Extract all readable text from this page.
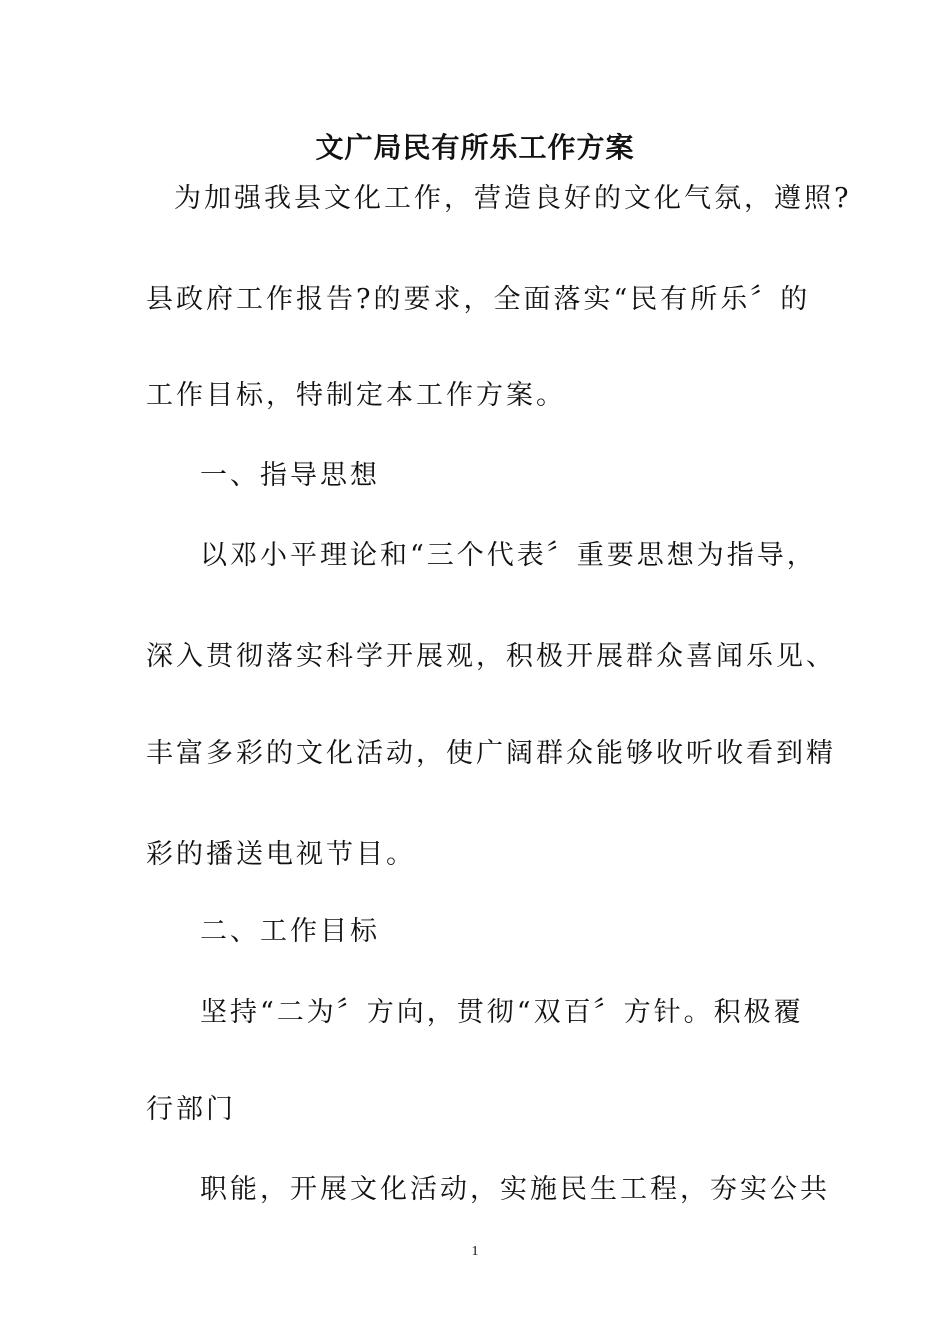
文广局民有所乐工作方案
为加强我县文化工作，营造良好的文化气氛，遵照?
县政府工作报告?的要求，全面落实“民有所乐〞的
工作目标，特制定本工作方案。
一、指导思想
以邓小平理论和“三个代表〞重要思想为指导，
深入贯彻落实科学开展观，积极开展群众喜闻乐见、
丰富多彩的文化活动，使广阔群众能够收听收看到精
彩的播送电视节目。
二、工作目标
坚持“二为〞方向，贯彻“双百〞方针。积极覆
行部门
职能，开展文化活动，实施民生工程，夯实公共
1
